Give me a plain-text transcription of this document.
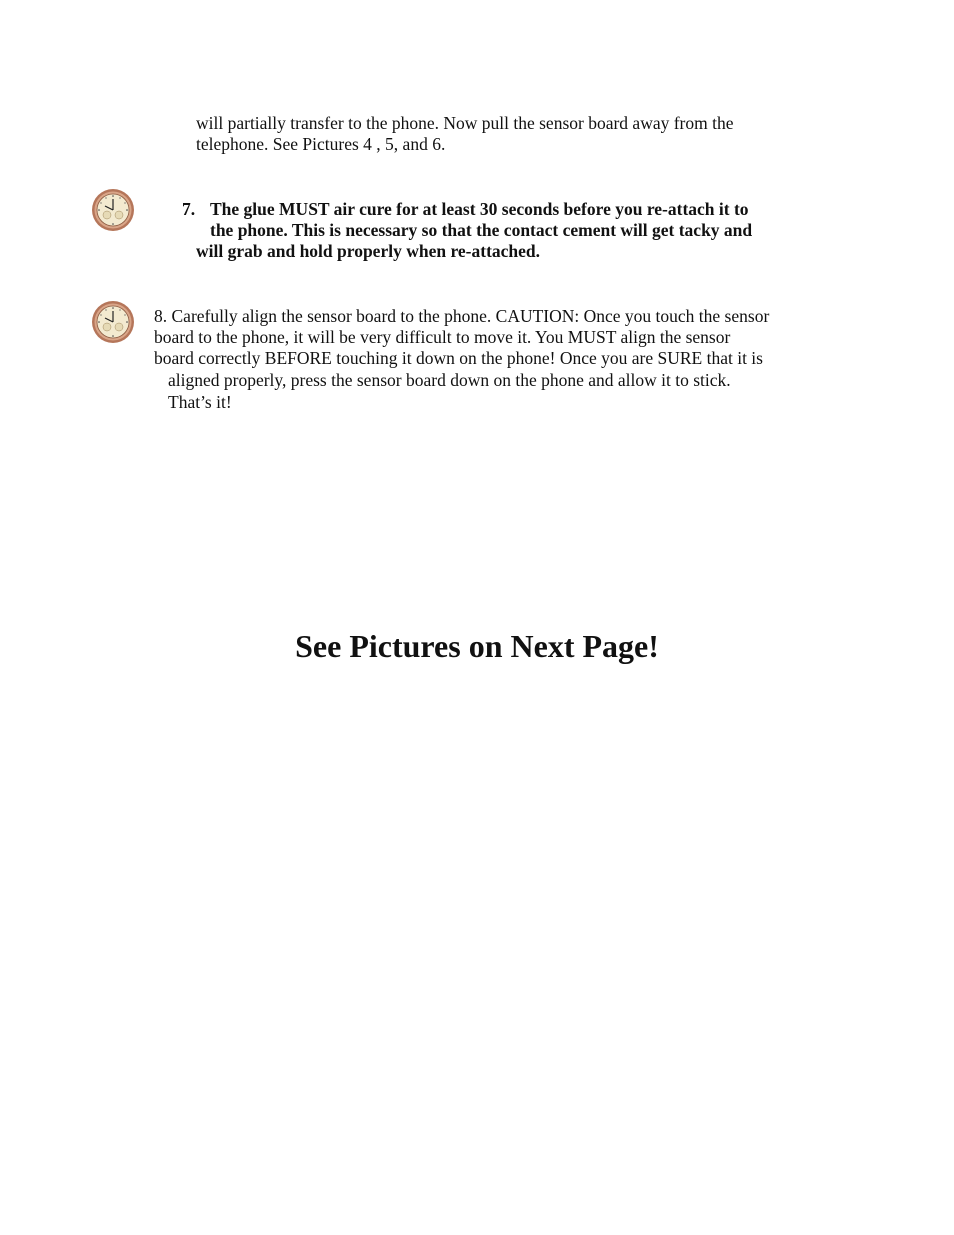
will partially transfer to the phone. Now pull the sensor board away from the
telephone. See Pictures 4 , 5, and 6.
7. The glue MUST air cure for at least 30 seconds before you re-attach it to
the phone. This is necessary so that the contact cement will get tacky and
will grab and hold properly when re-attached.
8. Carefully align the sensor board to the phone. CAUTION: Once you touch the sensor
board to the phone, it will be very difficult to move it. You MUST align the sensor
board correctly BEFORE touching it down on the phone! Once you are SURE that it is
aligned properly, press the sensor board down on the phone and allow it to stick.
That’s it!
See Pictures on Next Page!
